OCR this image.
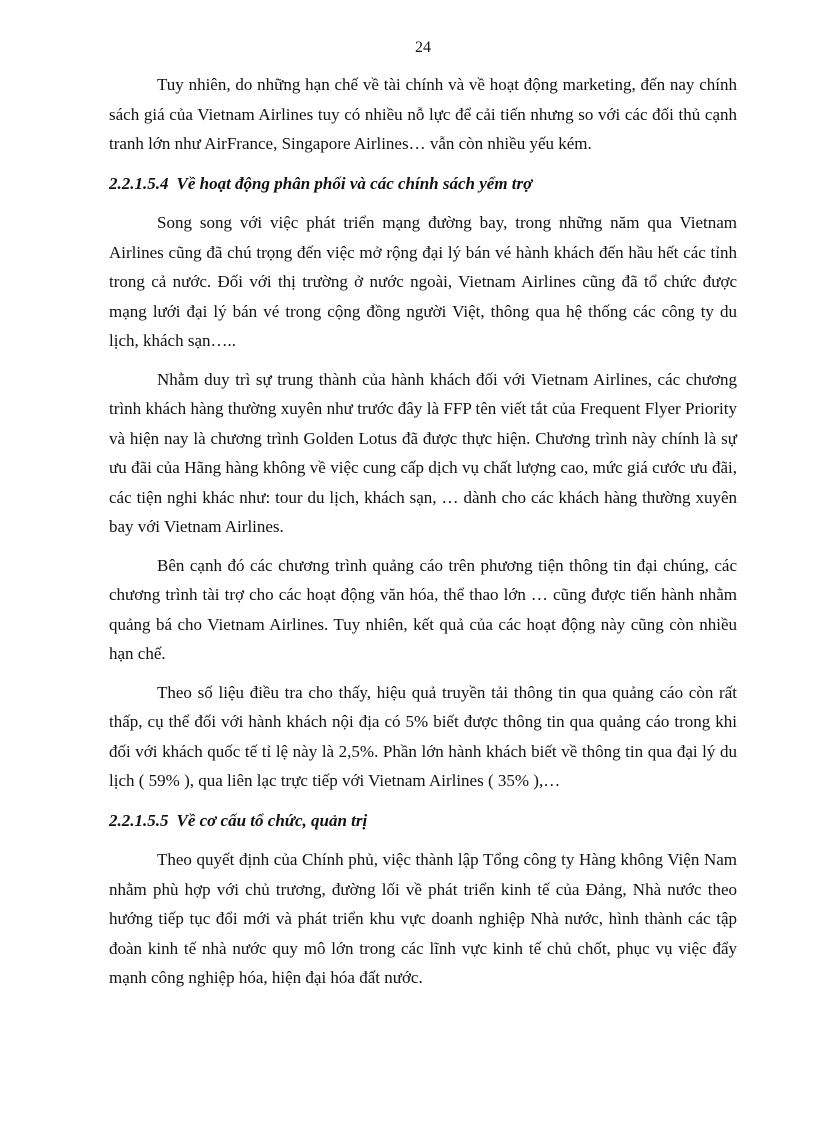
24

Tuy nhiên, do những hạn chế về tài chính và về hoạt động marketing, đến nay chính sách giá của Vietnam Airlines tuy có nhiều nỗ lực để cải tiến nhưng so với các đối thủ cạnh tranh lớn như AirFrance, Singapore Airlines… vẫn còn nhiều yếu kém.

2.2.1.5.4 Về hoạt động phân phối và các chính sách yểm trợ

Song song với việc phát triển mạng đường bay, trong những năm qua Vietnam Airlines cũng đã chú trọng đến việc mở rộng đại lý bán vé hành khách đến hầu hết các tỉnh trong cả nước. Đối với thị trường ở nước ngoài, Vietnam Airlines cũng đã tổ chức được mạng lưới đại lý bán vé trong cộng đồng người Việt, thông qua hệ thống các công ty du lịch, khách sạn…..

Nhằm duy trì sự trung thành của hành khách đối với Vietnam Airlines, các chương trình khách hàng thường xuyên như trước đây là FFP tên viết tắt của Frequent Flyer Priority và hiện nay là chương trình Golden Lotus đã được thực hiện. Chương trình này chính là sự ưu đãi của Hãng hàng không về việc cung cấp dịch vụ chất lượng cao, mức giá cước ưu đãi, các tiện nghi khác như: tour du lịch, khách sạn, … dành cho các khách hàng thường xuyên bay với Vietnam Airlines.

Bên cạnh đó các chương trình quảng cáo trên phương tiện thông tin đại chúng, các chương trình tài trợ cho các hoạt động văn hóa, thể thao lớn … cũng được tiến hành nhằm quảng bá cho Vietnam Airlines. Tuy nhiên, kết quả của các hoạt động này cũng còn nhiều hạn chế.

Theo số liệu điều tra cho thấy, hiệu quả truyền tải thông tin qua quảng cáo còn rất thấp, cụ thể đối với hành khách nội địa có 5% biết được thông tin qua quảng cáo trong khi đối với khách quốc tế tỉ lệ này là 2,5%. Phần lớn hành khách biết về thông tin qua đại lý du lịch ( 59% ), qua liên lạc trực tiếp với Vietnam Airlines ( 35% ),…

2.2.1.5.5 Về cơ cấu tổ chức, quản trị

Theo quyết định của Chính phủ, việc thành lập Tổng công ty Hàng không Viện Nam nhằm phù hợp với chủ trương, đường lối về phát triển kinh tế của Đảng, Nhà nước theo hướng tiếp tục đổi mới và phát triển khu vực doanh nghiệp Nhà nước, hình thành các tập đoàn kinh tế nhà nước quy mô lớn trong các lĩnh vực kinh tế chủ chốt, phục vụ việc đẩy mạnh công nghiệp hóa, hiện đại hóa đất nước.
